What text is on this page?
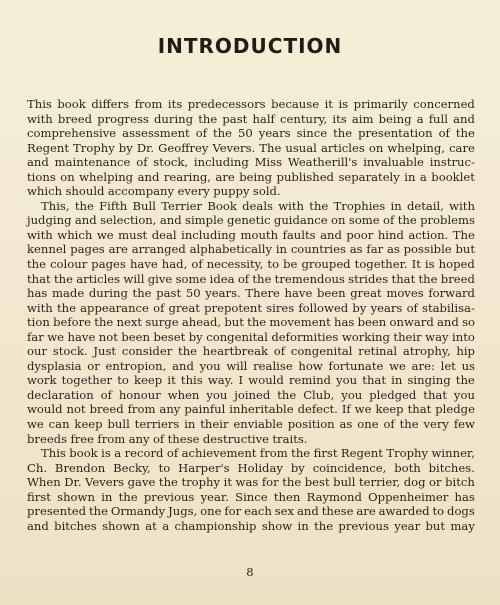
INTRODUCTION
This book differs from its predecessors because it is primarily concerned
with breed progress during the past half century, its aim being a full and
comprehensive assessment of the 50 years since the presentation of the
Regent Trophy by Dr. Geoffrey Vevers. The usual articles on whelping, care
and maintenance of stock, including Miss Weatherill's invaluable instruc-
tions on whelping and rearing, are being published separately in a booklet
which should accompany every puppy sold.
This, the Fifth Bull Terrier Book deals with the Trophies in detail, with
judging and selection, and simple genetic guidance on some of the problems
with which we must deal including mouth faults and poor hind action. The
kennel pages are arranged alphabetically in countries as far as possible but
the colour pages have had, of necessity, to be grouped together. It is hoped
that the articles will give some idea of the tremendous strides that the breed
has made during the past 50 years. There have been great moves forward
with the appearance of great prepotent sires followed by years of stabilisa-
tion before the next surge ahead, but the movement has been onward and so
far we have not been beset by congenital deformities working their way into
our stock. Just consider the heartbreak of congenital retinal atrophy, hip
dysplasia or entropion, and you will realise how fortunate we are: let us
work together to keep it this way. I would remind you that in singing the
declaration of honour when you joined the Club, you pledged that you
would not breed from any painful inheritable defect. If we keep that pledge
we can keep bull terriers in their enviable position as one of the very few
breeds free from any of these destructive traits.
This book is a record of achievement from the first Regent Trophy winner,
Ch. Brendon Becky, to Harper's Holiday by coincidence, both bitches.
When Dr. Vevers gave the trophy it was for the best bull terrier, dog or bitch
first shown in the previous year. Since then Raymond Oppenheimer has
presented the Ormandy Jugs, one for each sex and these are awarded to dogs
and bitches shown at a championship show in the previous year but may
8
